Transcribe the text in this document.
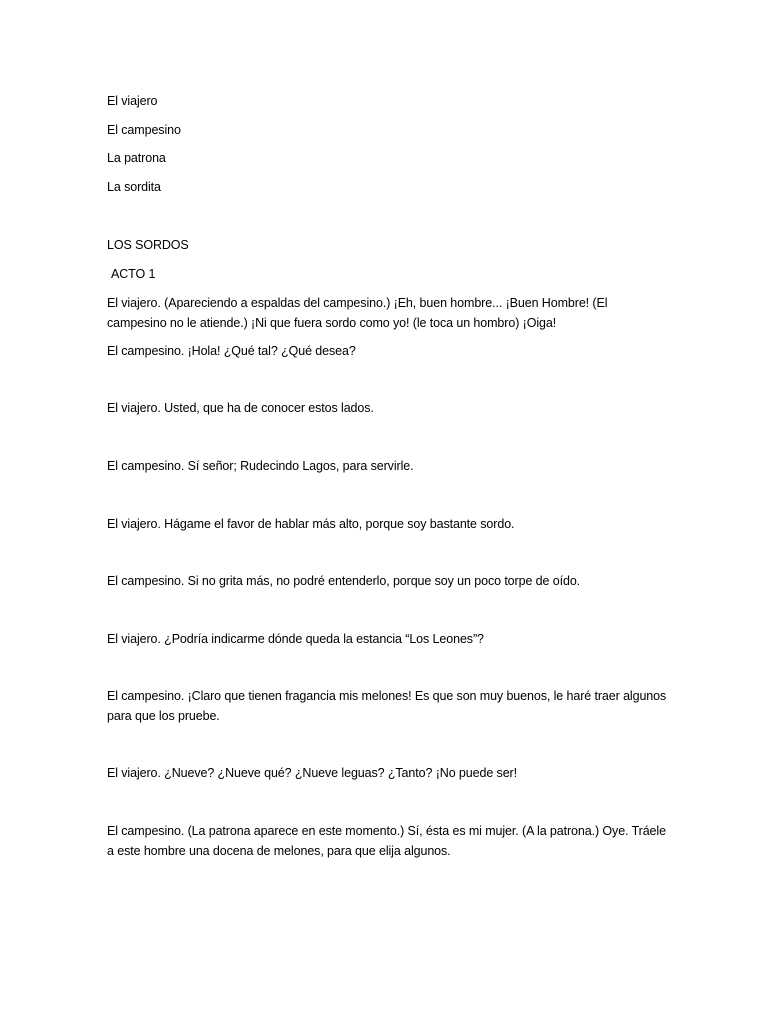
El viajero
El campesino
La patrona
La sordita
LOS SORDOS
ACTO 1
El viajero. (Apareciendo a espaldas del campesino.) ¡Eh, buen hombre... ¡Buen Hombre! (El campesino no le atiende.) ¡Ni que fuera sordo como yo! (le toca un hombro) ¡Oiga!
El campesino. ¡Hola! ¿Qué tal? ¿Qué desea?
El viajero. Usted, que ha de conocer estos lados.
El campesino. Sí señor; Rudecindo Lagos, para servirle.
El viajero. Hágame el favor de hablar más alto, porque soy bastante sordo.
El campesino. Si no grita más, no podré entenderlo, porque soy un poco torpe de oído.
El viajero. ¿Podría indicarme dónde queda la estancia “Los Leones”?
El campesino. ¡Claro que tienen fragancia mis melones! Es que son muy buenos, le haré traer algunos para que los pruebe.
El viajero. ¿Nueve? ¿Nueve qué? ¿Nueve leguas? ¿Tanto? ¡No puede ser!
El campesino. (La patrona aparece en este momento.) Sí, ésta es mi mujer. (A la patrona.) Oye. Tráele a este hombre una docena de melones, para que elija algunos.
